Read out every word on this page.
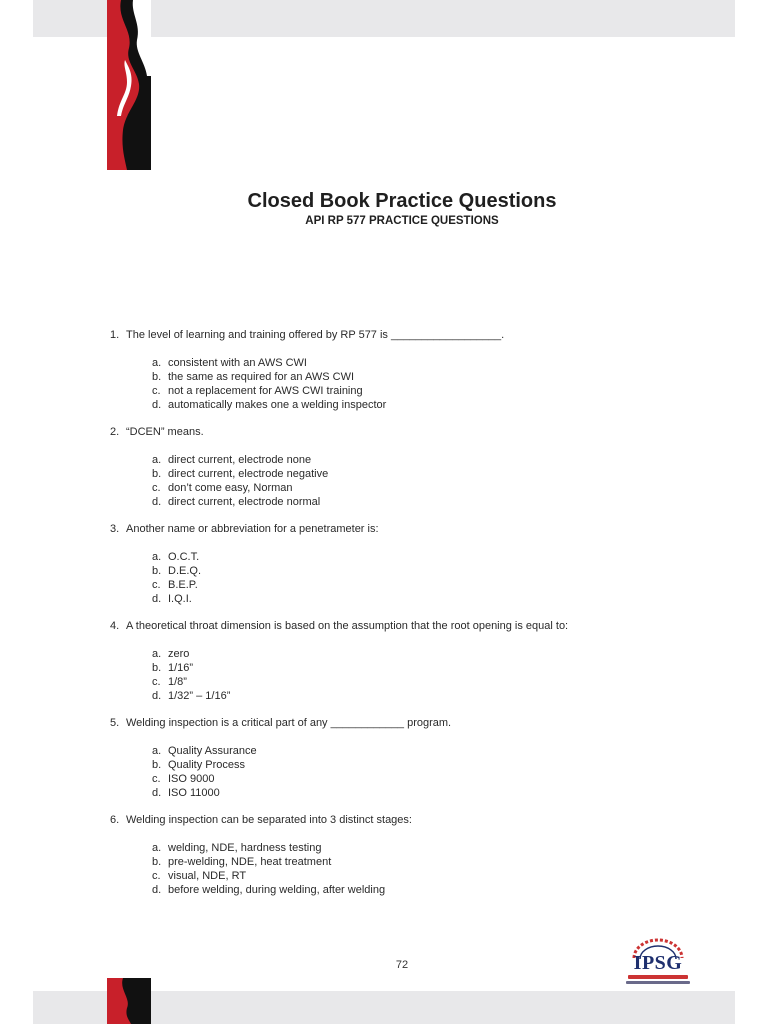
Closed Book Practice Questions
API RP 577 PRACTICE QUESTIONS

1. The level of learning and training offered by RP 577 is __________________.

a. consistent with an AWS CWI
b. the same as required for an AWS CWI
c. not a replacement for AWS CWI training
d. automatically makes one a welding inspector

2. “DCEN” means.

a. direct current, electrode none
b. direct current, electrode negative
c. don’t come easy, Norman
d. direct current, electrode normal

3. Another name or abbreviation for a penetrameter is:

a. O.C.T.
b. D.E.Q.
c. B.E.P.
d. I.Q.I.

4. A theoretical throat dimension is based on the assumption that the root opening is equal to:

a. zero
b. 1/16”
c. 1/8”
d. 1/32” – 1/16”

5. Welding inspection is a critical part of any ____________ program.

a. Quality Assurance
b. Quality Process
c. ISO 9000
d. ISO 11000

6. Welding inspection can be separated into 3 distinct stages:

a. welding, NDE, hardness testing
b. pre-welding, NDE, heat treatment
c. visual, NDE, RT
d. before welding, during welding, after welding
72	IPSG
